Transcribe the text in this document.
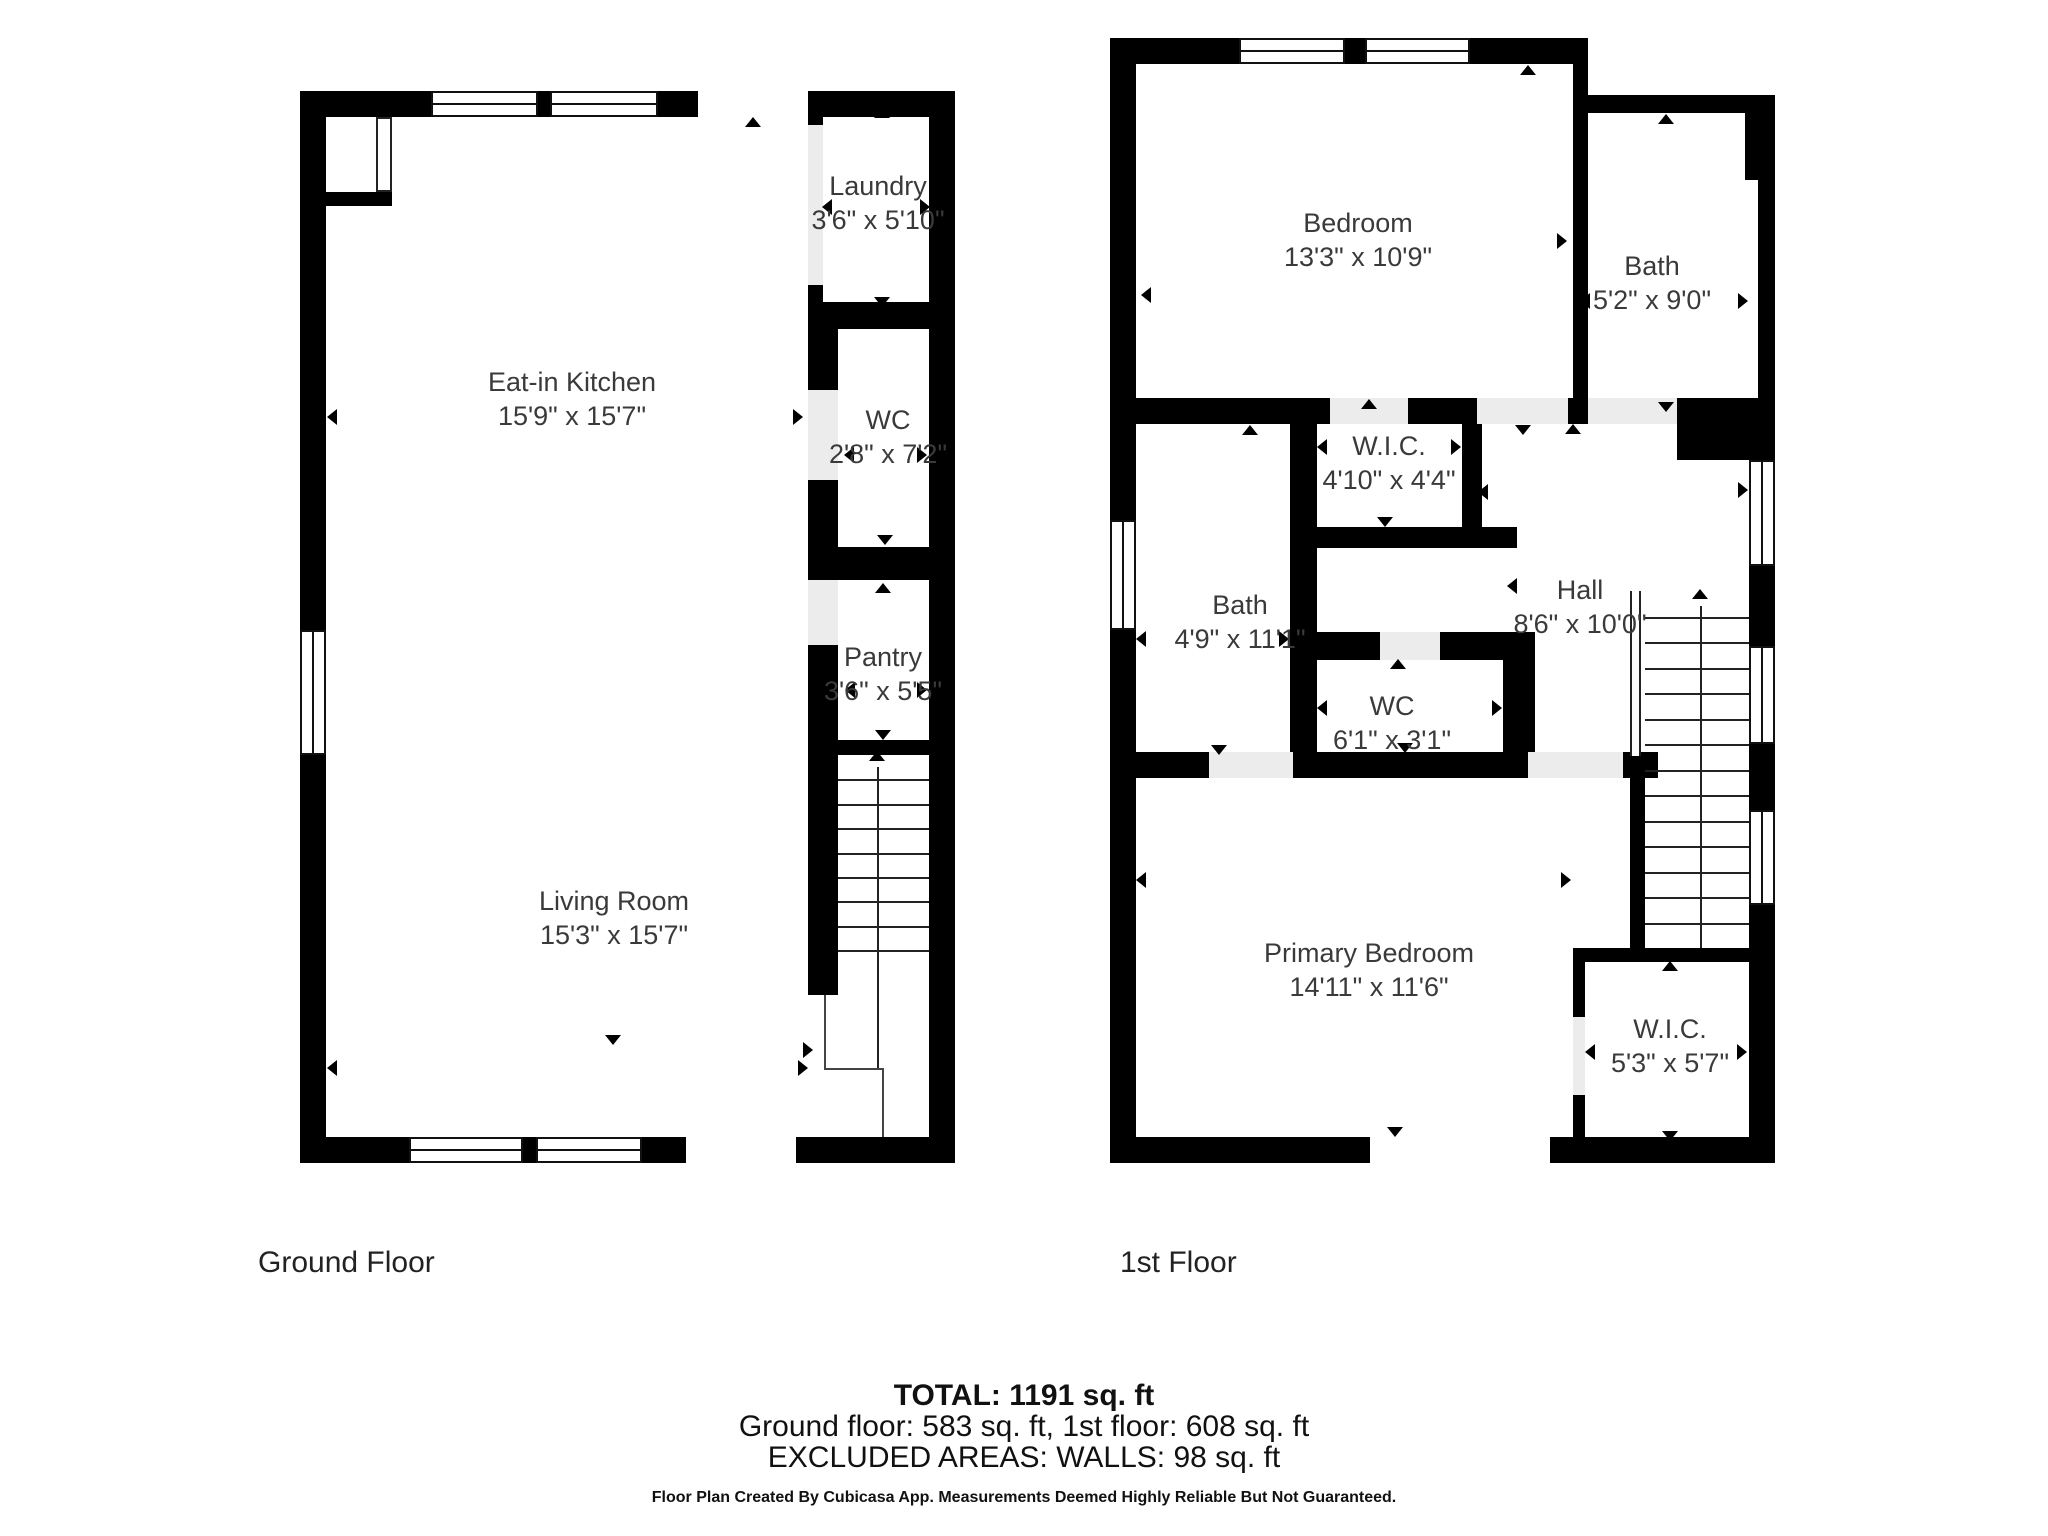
Eat-in Kitchen
15'9" x 15'7"
Living Room
15'3" x 15'7"
Laundry
3'6" x 5'10"
WC
2'8" x 7'2"
Pantry
3'6" x 5'5"
Bedroom
13'3" x 10'9"	Bath
5'2" x 9'0"
W.I.C.
4'10" x 4'4"
Bath
4'9" x 11'1"
Hall
8'6" x 10'0"
WC
6'1" x 3'1"
Primary Bedroom
14'11" x 11'6"
W.I.C.
5'3" x 5'7"
Ground Floor	1st Floor
TOTAL: 1191 sq. ft
Ground floor: 583 sq. ft, 1st floor: 608 sq. ft
EXCLUDED AREAS: WALLS: 98 sq. ft
Floor Plan Created By Cubicasa App. Measurements Deemed Highly Reliable But Not Guaranteed.
